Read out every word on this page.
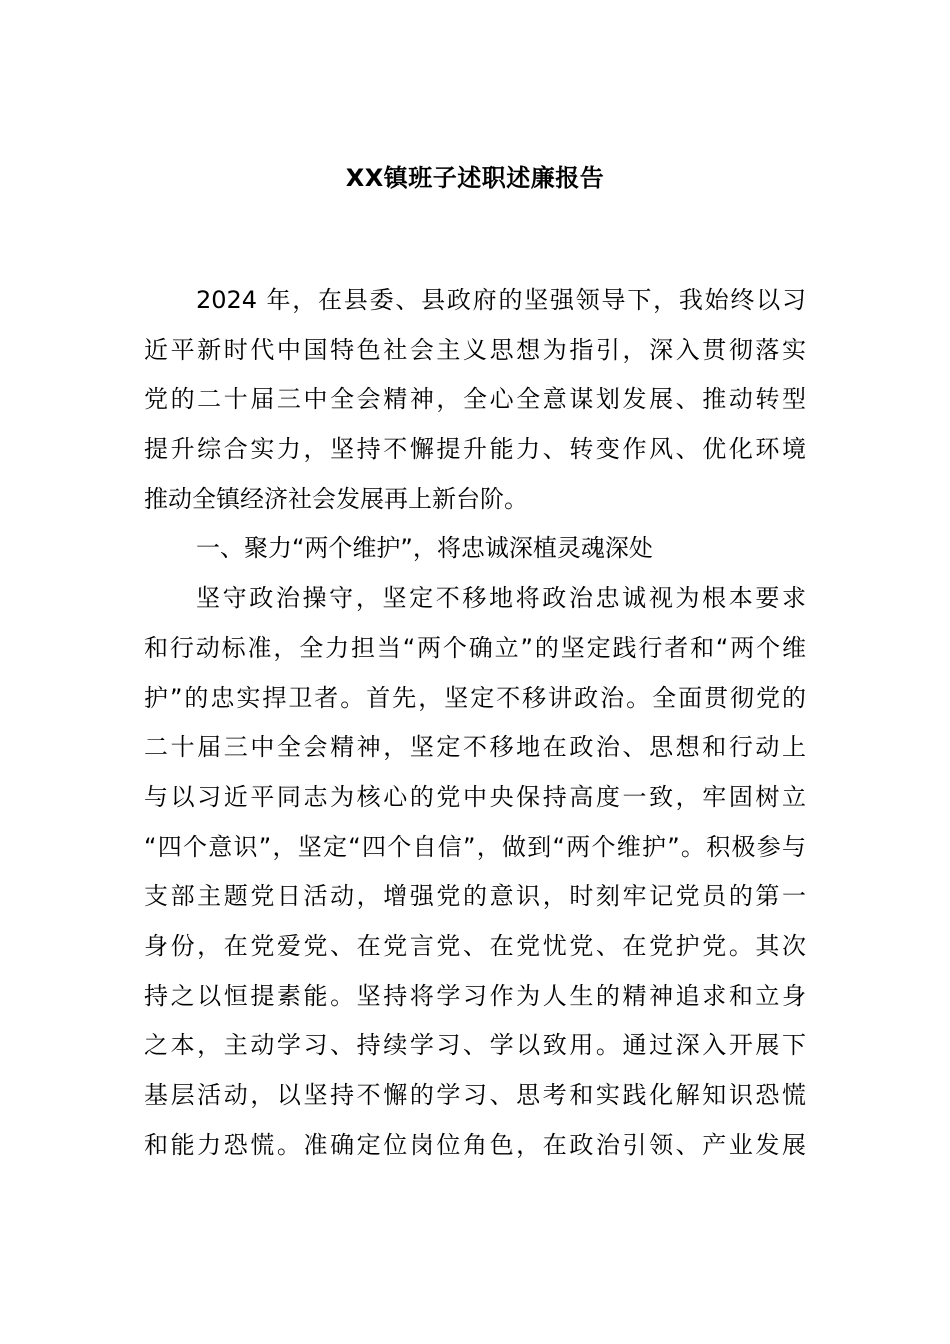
XX镇班子述职述廉报告
2024 年，在县委、县政府的坚强领导下，我始终以习
近平新时代中国特色社会主义思想为指引，深入贯彻落实
党的二十届三中全会精神，全心全意谋划发展、推动转型
提升综合实力，坚持不懈提升能力、转变作风、优化环境
推动全镇经济社会发展再上新台阶。
一、聚力“两个维护”，将忠诚深植灵魂深处
坚守政治操守，坚定不移地将政治忠诚视为根本要求
和行动标准，全力担当“两个确立”的坚定践行者和“两个维
护”的忠实捍卫者。首先，坚定不移讲政治。全面贯彻党的
二十届三中全会精神，坚定不移地在政治、思想和行动上
与以习近平同志为核心的党中央保持高度一致，牢固树立
“四个意识”，坚定“四个自信”，做到“两个维护”。积极参与
支部主题党日活动，增强党的意识，时刻牢记党员的第一
身份，在党爱党、在党言党、在党忧党、在党护党。其次
持之以恒提素能。坚持将学习作为人生的精神追求和立身
之本，主动学习、持续学习、学以致用。通过深入开展下
基层活动，以坚持不懈的学习、思考和实践化解知识恐慌
和能力恐慌。准确定位岗位角色，在政治引领、产业发展
